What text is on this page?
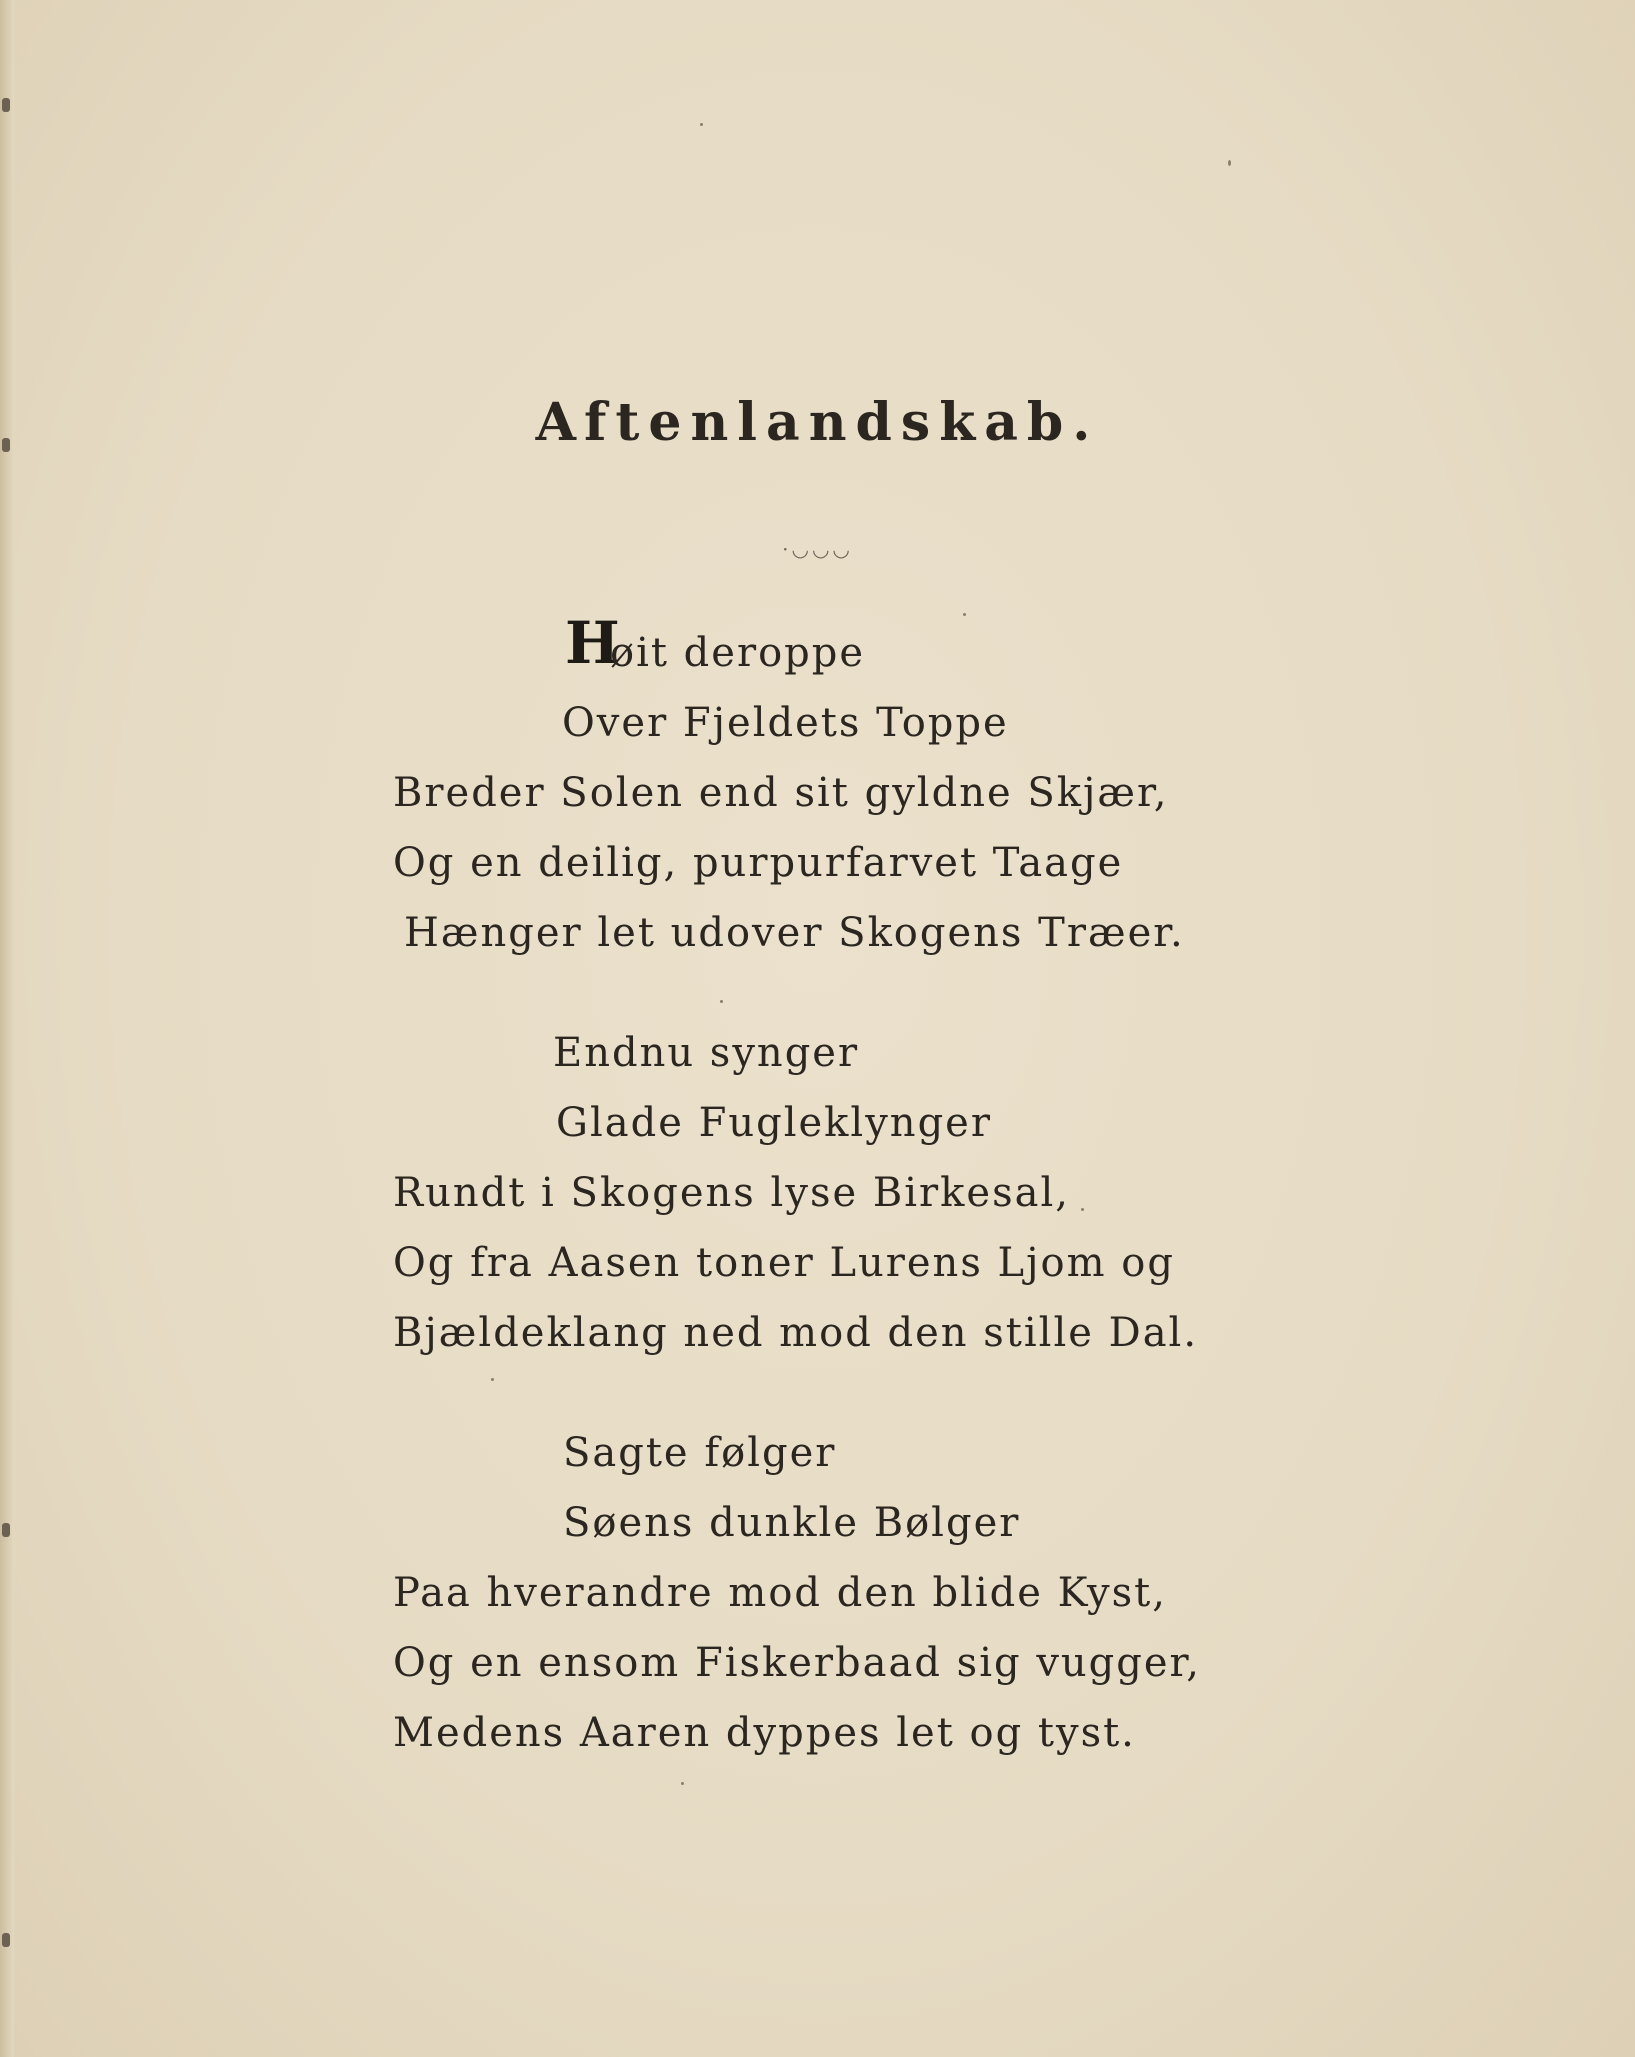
Aftenlandskab.
·◡◡◡
H
øit deroppe
Over Fjeldets Toppe
Breder Solen end sit gyldne Skjær,
Og en deilig, purpurfarvet Taage
Hænger let udover Skogens Træer.
Endnu synger
Glade Fugleklynger
Rundt i Skogens lyse Birkesal,
Og fra Aasen toner Lurens Ljom og
Bjældeklang ned mod den stille Dal.
Sagte følger
Søens dunkle Bølger
Paa hverandre mod den blide Kyst,
Og en ensom Fiskerbaad sig vugger,
Medens Aaren dyppes let og tyst.
